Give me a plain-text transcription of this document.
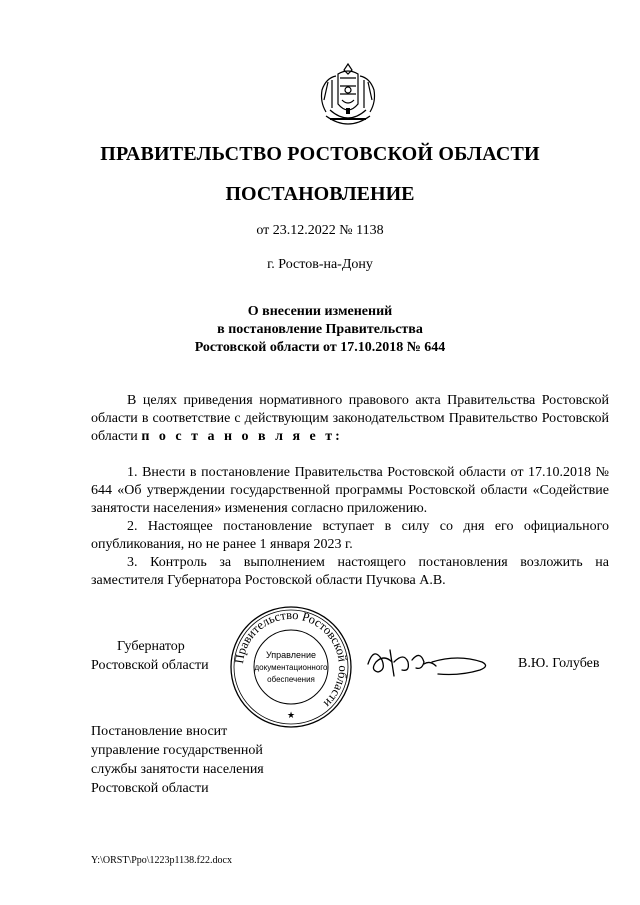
ПРАВИТЕЛЬСТВО РОСТОВСКОЙ ОБЛАСТИ
ПОСТАНОВЛЕНИЕ
от 23.12.2022 № 1138
г. Ростов-на-Дону
О внесении изменений
в постановление Правительства
Ростовской области от 17.10.2018 № 644

В целях приведения нормативного правового акта Правительства Ростовской области в соответствие с действующим законодательством Правительство Ростовской области п о с т а н о в л я е т:

1. Внести в постановление Правительства Ростовской области от 17.10.2018 № 644 «Об утверждении государственной программы Ростовской области «Содействие занятости населения» изменения согласно приложению.

2. Настоящее постановление вступает в силу со дня его официального опубликования, но не ранее 1 января 2023 г.

3. Контроль за выполнением настоящего постановления возложить на заместителя Губернатора Ростовской области Пучкова А.В.

Губернатор
Ростовской области Правительство Ростовской области
Управление
документационного
обеспечения
★
В.Ю. Голубев
Постановление вносит
управление государственной
службы занятости населения
Ростовской области
Y:\ORST\Ppo\1223p1138.f22.docx
